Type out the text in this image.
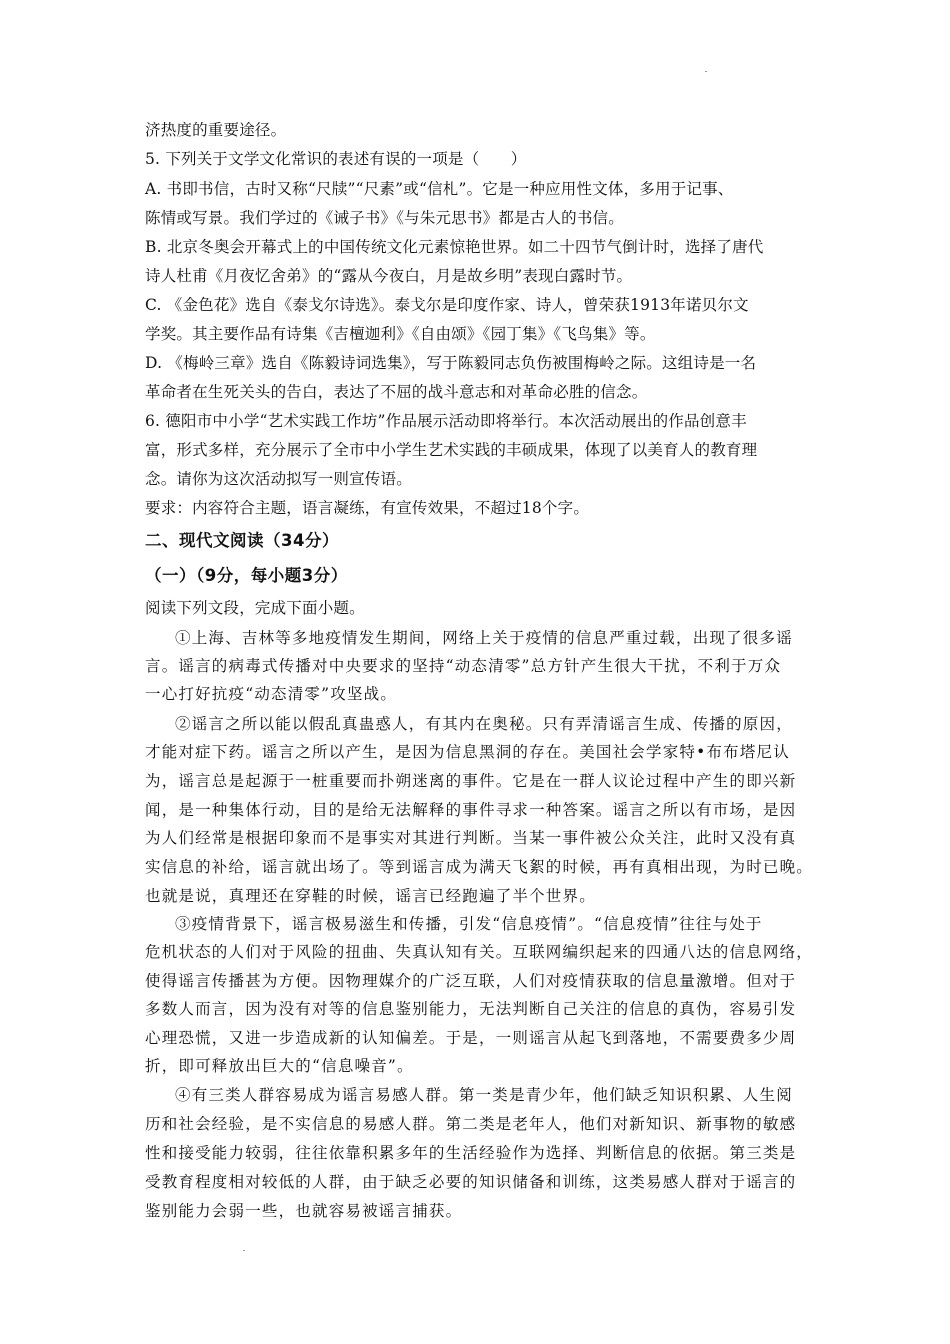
济热度的重要途径。
5. 下列关于文学文化常识的表述有误的一项是（　　）
A. 书即书信，古时又称“尺牍”“尺素”或“信札”。它是一种应用性文体，多用于记事、
陈情或写景。我们学过的《诫子书》《与朱元思书》都是古人的书信。
B. 北京冬奥会开幕式上的中国传统文化元素惊艳世界。如二十四节气倒计时，选择了唐代
诗人杜甫《月夜忆舍弟》的“露从今夜白，月是故乡明”表现白露时节。
C. 《金色花》选自《泰戈尔诗选》。泰戈尔是印度作家、诗人，曾荣获1913年诺贝尔文
学奖。其主要作品有诗集《吉檀迦利》《自由颂》《园丁集》《飞鸟集》等。
D. 《梅岭三章》选自《陈毅诗词选集》，写于陈毅同志负伤被围梅岭之际。这组诗是一名
革命者在生死关头的告白，表达了不屈的战斗意志和对革命必胜的信念。
6. 德阳市中小学“艺术实践工作坊”作品展示活动即将举行。本次活动展出的作品创意丰
富，形式多样，充分展示了全市中小学生艺术实践的丰硕成果，体现了以美育人的教育理
念。请你为这次活动拟写一则宣传语。
要求：内容符合主题，语言凝练，有宣传效果，不超过18个字。
二、现代文阅读（34分）
（一）（9分，每小题3分）
阅读下列文段，完成下面小题。
①上海、吉林等多地疫情发生期间，网络上关于疫情的信息严重过载，出现了很多谣
言。谣言的病毒式传播对中央要求的坚持“动态清零”总方针产生很大干扰，不利于万众
一心打好抗疫“动态清零”攻坚战。
②谣言之所以能以假乱真蛊惑人，有其内在奥秘。只有弄清谣言生成、传播的原因，
才能对症下药。谣言之所以产生，是因为信息黑洞的存在。美国社会学家特•布布塔尼认
为，谣言总是起源于一桩重要而扑朔迷离的事件。它是在一群人议论过程中产生的即兴新
闻，是一种集体行动，目的是给无法解释的事件寻求一种答案。谣言之所以有市场，是因
为人们经常是根据印象而不是事实对其进行判断。当某一事件被公众关注，此时又没有真
实信息的补给，谣言就出场了。等到谣言成为满天飞絮的时候，再有真相出现，为时已晚。
也就是说，真理还在穿鞋的时候，谣言已经跑遍了半个世界。
③疫情背景下，谣言极易滋生和传播，引发“信息疫情”。“信息疫情”往往与处于
危机状态的人们对于风险的扭曲、失真认知有关。互联网编织起来的四通八达的信息网络，
使得谣言传播甚为方便。因物理媒介的广泛互联，人们对疫情获取的信息量激增。但对于
多数人而言，因为没有对等的信息鉴别能力，无法判断自己关注的信息的真伪，容易引发
心理恐慌，又进一步造成新的认知偏差。于是，一则谣言从起飞到落地，不需要费多少周
折，即可释放出巨大的“信息噪音”。
④有三类人群容易成为谣言易感人群。第一类是青少年，他们缺乏知识积累、人生阅
历和社会经验，是不实信息的易感人群。第二类是老年人，他们对新知识、新事物的敏感
性和接受能力较弱，往往依靠积累多年的生活经验作为选择、判断信息的依据。第三类是
受教育程度相对较低的人群，由于缺乏必要的知识储备和训练，这类易感人群对于谣言的
鉴别能力会弱一些，也就容易被谣言捕获。
